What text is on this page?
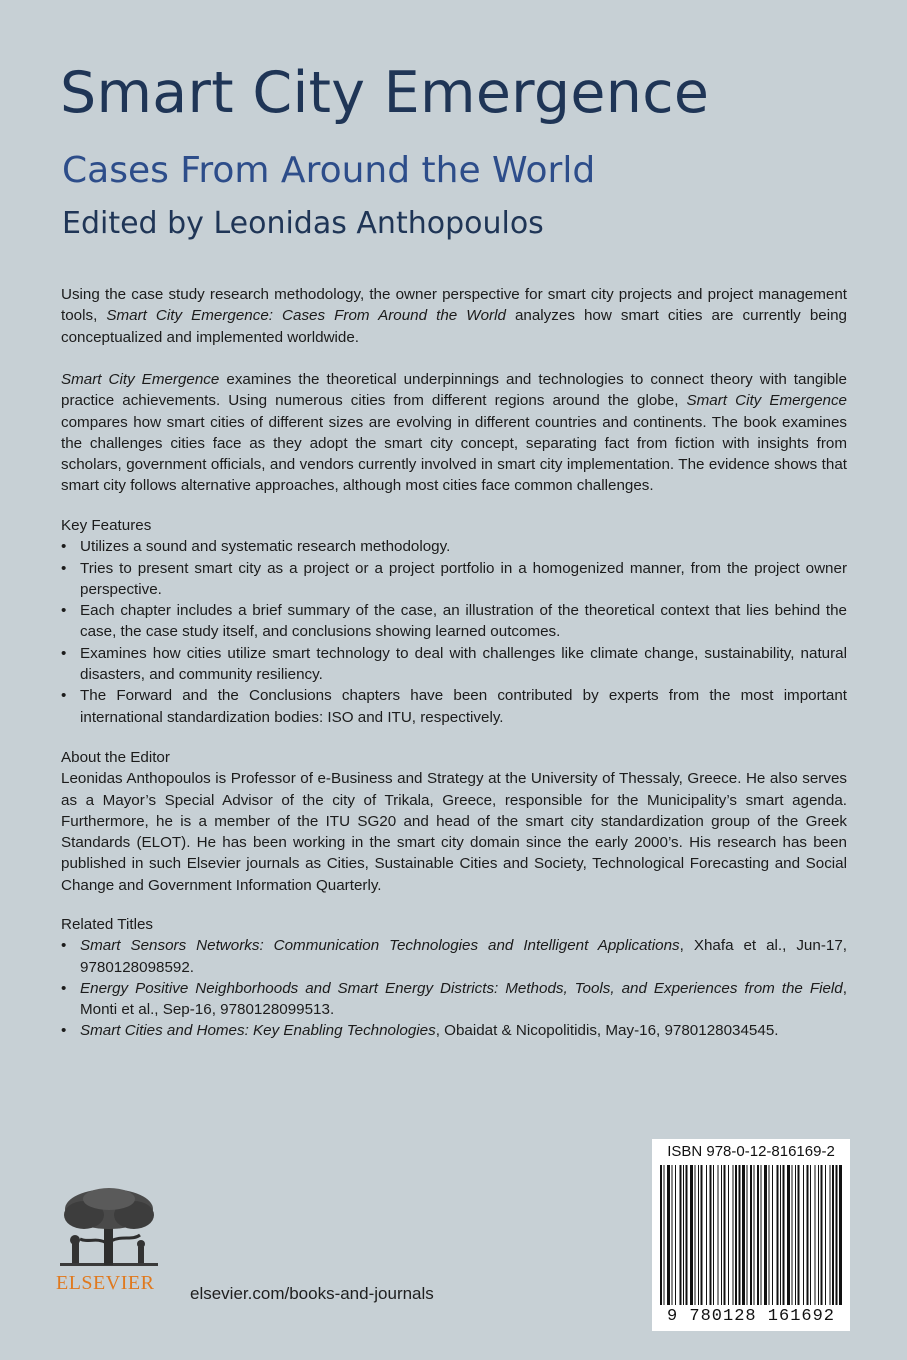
Smart City Emergence
Cases From Around the World
Edited by Leonidas Anthopoulos

Using the case study research methodology, the owner perspective for smart city projects and project management tools, Smart City Emergence: Cases From Around the World analyzes how smart cities are currently being conceptualized and implemented worldwide.

Smart City Emergence examines the theoretical underpinnings and technologies to connect theory with tangible practice achievements. Using numerous cities from different regions around the globe, Smart City Emergence compares how smart cities of different sizes are evolving in different countries and continents. The book examines the challenges cities face as they adopt the smart city concept, separating fact from fiction with insights from scholars, government officials, and vendors currently involved in smart city implementation. The evidence shows that smart city follows alternative approaches, although most cities face common challenges.

Key Features

• Utilizes a sound and systematic research methodology.
• Tries to present smart city as a project or a project portfolio in a homogenized manner, from the project owner perspective.
• Each chapter includes a brief summary of the case, an illustration of the theoretical context that lies behind the case, the case study itself, and conclusions showing learned outcomes.
• Examines how cities utilize smart technology to deal with challenges like climate change, sustainability, natural disasters, and community resiliency.
• The Forward and the Conclusions chapters have been contributed by experts from the most important international standardization bodies: ISO and ITU, respectively.

About the Editor

Leonidas Anthopoulos is Professor of e-Business and Strategy at the University of Thessaly, Greece. He also serves as a Mayor’s Special Advisor of the city of Trikala, Greece, responsible for the Municipality’s smart agenda. Furthermore, he is a member of the ITU SG20 and head of the smart city standardization group of the Greek Standards (ELOT). He has been working in the smart city domain since the early 2000’s. His research has been published in such Elsevier journals as Cities, Sustainable Cities and Society, Technological Forecasting and Social Change and Government Information Quarterly.

Related Titles

• Smart Sensors Networks: Communication Technologies and Intelligent Applications, Xhafa et al., Jun-17, 9780128098592.
• Energy Positive Neighborhoods and Smart Energy Districts: Methods, Tools, and Experiences from the Field, Monti et al., Sep-16, 9780128099513.
• Smart Cities and Homes: Key Enabling Technologies, Obaidat & Nicopolitidis, May-16, 9780128034545.
ELSEVIER elsevier.com/books-and-journals
ISBN 978-0-12-816169-2
9 780128 161692
